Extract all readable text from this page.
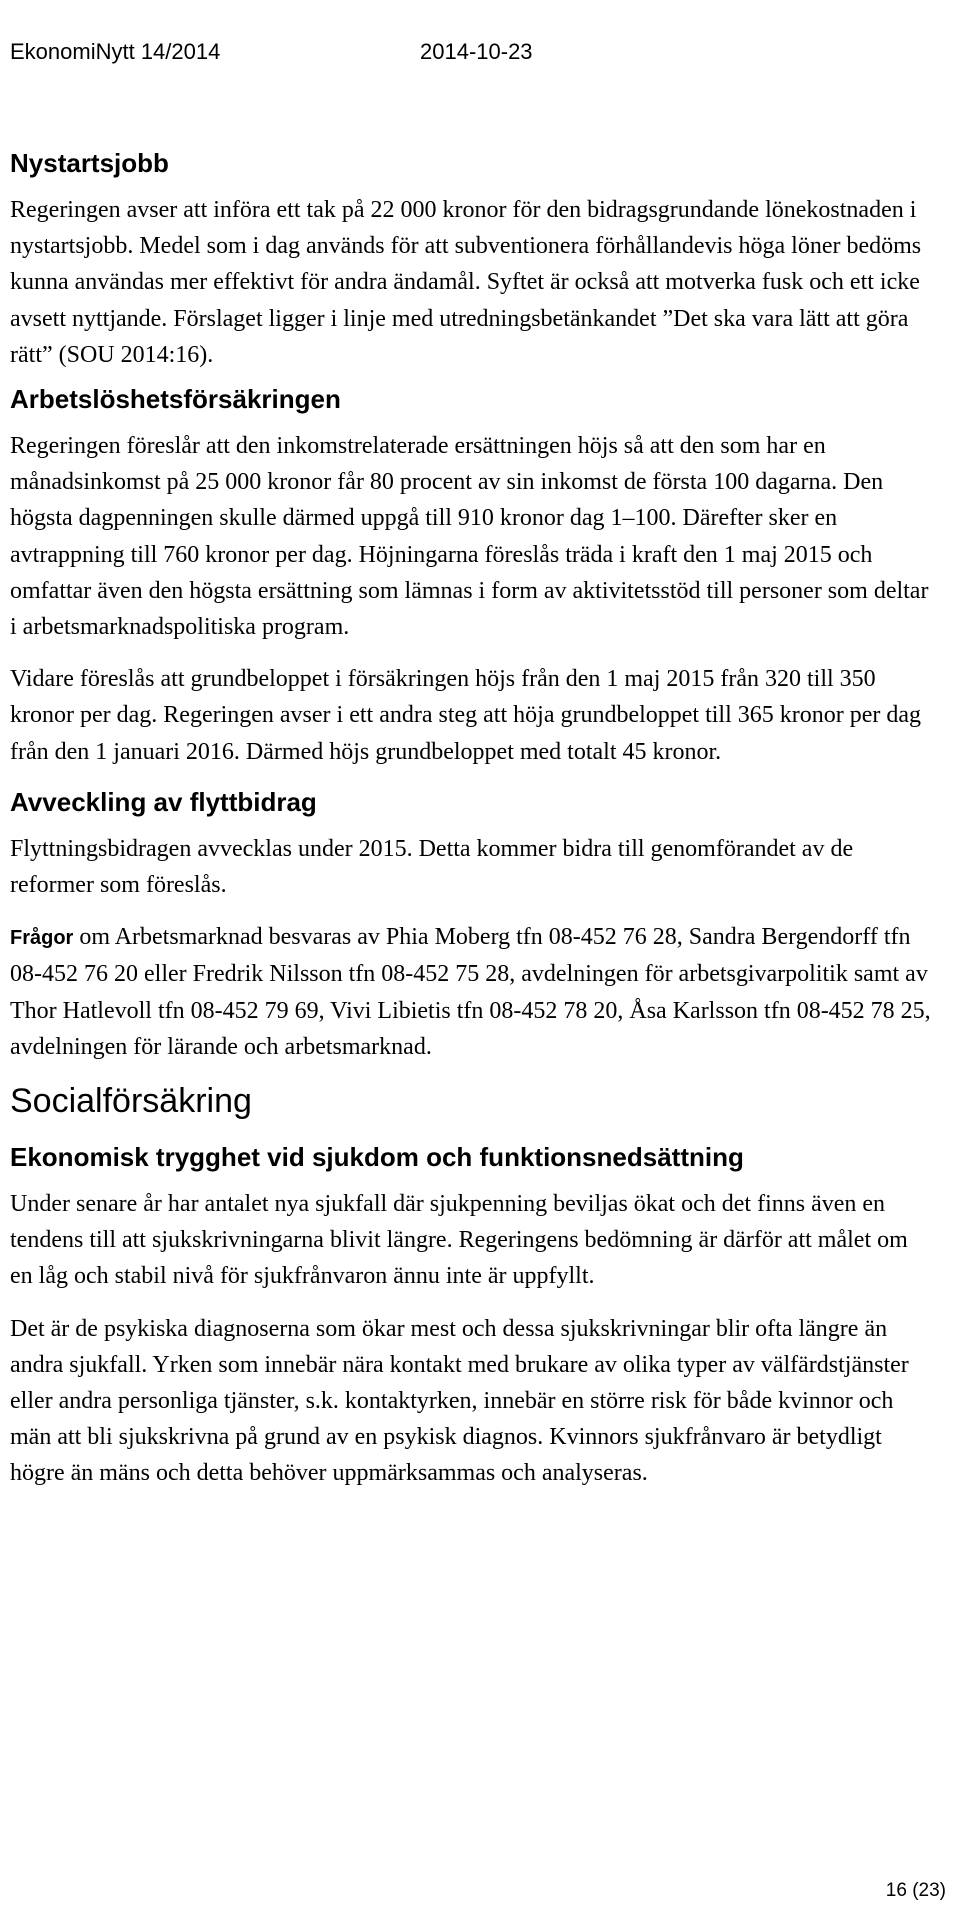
EkonomiNytt 14/2014	2014-10-23
Nystartsjobb

Regeringen avser att införa ett tak på 22 000 kronor för den bidragsgrundande lönekostnaden i nystartsjobb. Medel som i dag används för att subventionera förhållandevis höga löner bedöms kunna användas mer effektivt för andra ändamål. Syftet är också att motverka fusk och ett icke avsett nyttjande. Förslaget ligger i linje med utredningsbetänkandet ”Det ska vara lätt att göra rätt” (SOU 2014:16).

Arbetslöshetsförsäkringen

Regeringen föreslår att den inkomstrelaterade ersättningen höjs så att den som har en månadsinkomst på 25 000 kronor får 80 procent av sin inkomst de första 100 dagarna. Den högsta dagpenningen skulle därmed uppgå till 910 kronor dag 1–100. Därefter sker en avtrappning till 760 kronor per dag. Höjningarna föreslås träda i kraft den 1 maj 2015 och omfattar även den högsta ersättning som lämnas i form av aktivitetsstöd till personer som deltar i arbetsmarknadspolitiska program.

Vidare föreslås att grundbeloppet i försäkringen höjs från den 1 maj 2015 från 320 till 350 kronor per dag. Regeringen avser i ett andra steg att höja grundbeloppet till 365 kronor per dag från den 1 januari 2016. Därmed höjs grundbeloppet med totalt 45 kronor.

Avveckling av flyttbidrag

Flyttningsbidragen avvecklas under 2015. Detta kommer bidra till genomförandet av de reformer som föreslås.

Frågor om Arbetsmarknad besvaras av Phia Moberg tfn 08-452 76 28, Sandra Bergendorff tfn 08-452 76 20 eller Fredrik Nilsson tfn 08-452 75 28, avdelningen för arbetsgivarpolitik samt av Thor Hatlevoll tfn 08-452 79 69, Vivi Libietis tfn 08-452 78 20, Åsa Karlsson tfn 08-452 78 25, avdelningen för lärande och arbetsmarknad.

Socialförsäkring
Ekonomisk trygghet vid sjukdom och funktionsnedsättning

Under senare år har antalet nya sjukfall där sjukpenning beviljas ökat och det finns även en tendens till att sjukskrivningarna blivit längre. Regeringens bedömning är därför att målet om en låg och stabil nivå för sjukfrånvaron ännu inte är uppfyllt.

Det är de psykiska diagnoserna som ökar mest och dessa sjukskrivningar blir ofta längre än andra sjukfall. Yrken som innebär nära kontakt med brukare av olika typer av välfärdstjänster eller andra personliga tjänster, s.k. kontaktyrken, innebär en större risk för både kvinnor och män att bli sjukskrivna på grund av en psykisk diagnos. Kvinnors sjukfrånvaro är betydligt högre än mäns och detta behöver uppmärksammas och analyseras.

16 (23)
